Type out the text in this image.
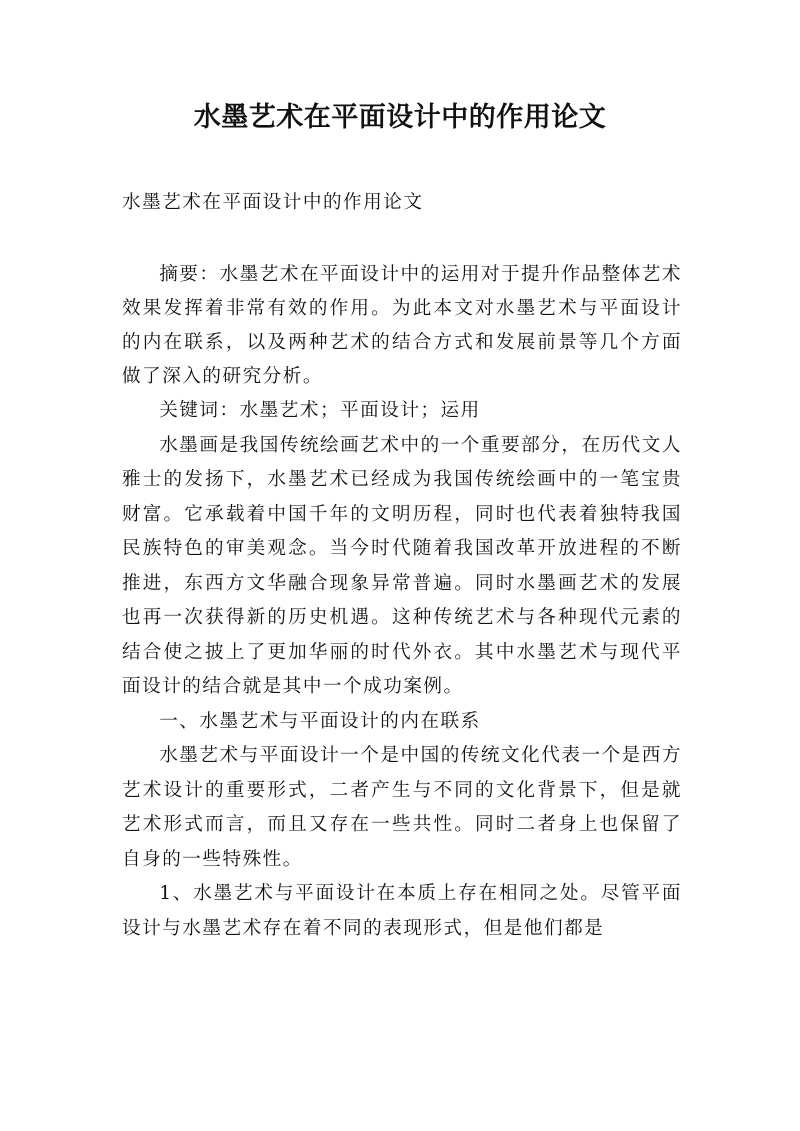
水墨艺术在平面设计中的作用论文
水墨艺术在平面设计中的作用论文

摘要：水墨艺术在平面设计中的运用对于提升作品整体艺术效果发挥着非常有效的作用。为此本文对水墨艺术与平面设计的内在联系，以及两种艺术的结合方式和发展前景等几个方面做了深入的研究分析。

关键词：水墨艺术；平面设计；运用

水墨画是我国传统绘画艺术中的一个重要部分，在历代文人雅士的发扬下，水墨艺术已经成为我国传统绘画中的一笔宝贵财富。它承载着中国千年的文明历程，同时也代表着独特我国民族特色的审美观念。当今时代随着我国改革开放进程的不断推进，东西方文华融合现象异常普遍。同时水墨画艺术的发展也再一次获得新的历史机遇。这种传统艺术与各种现代元素的结合使之披上了更加华丽的时代外衣。其中水墨艺术与现代平面设计的结合就是其中一个成功案例。

一、水墨艺术与平面设计的内在联系

水墨艺术与平面设计一个是中国的传统文化代表一个是西方艺术设计的重要形式，二者产生与不同的文化背景下，但是就艺术形式而言，而且又存在一些共性。同时二者身上也保留了自身的一些特殊性。

1、水墨艺术与平面设计在本质上存在相同之处。尽管平面设计与水墨艺术存在着不同的表现形式，但是他们都是
